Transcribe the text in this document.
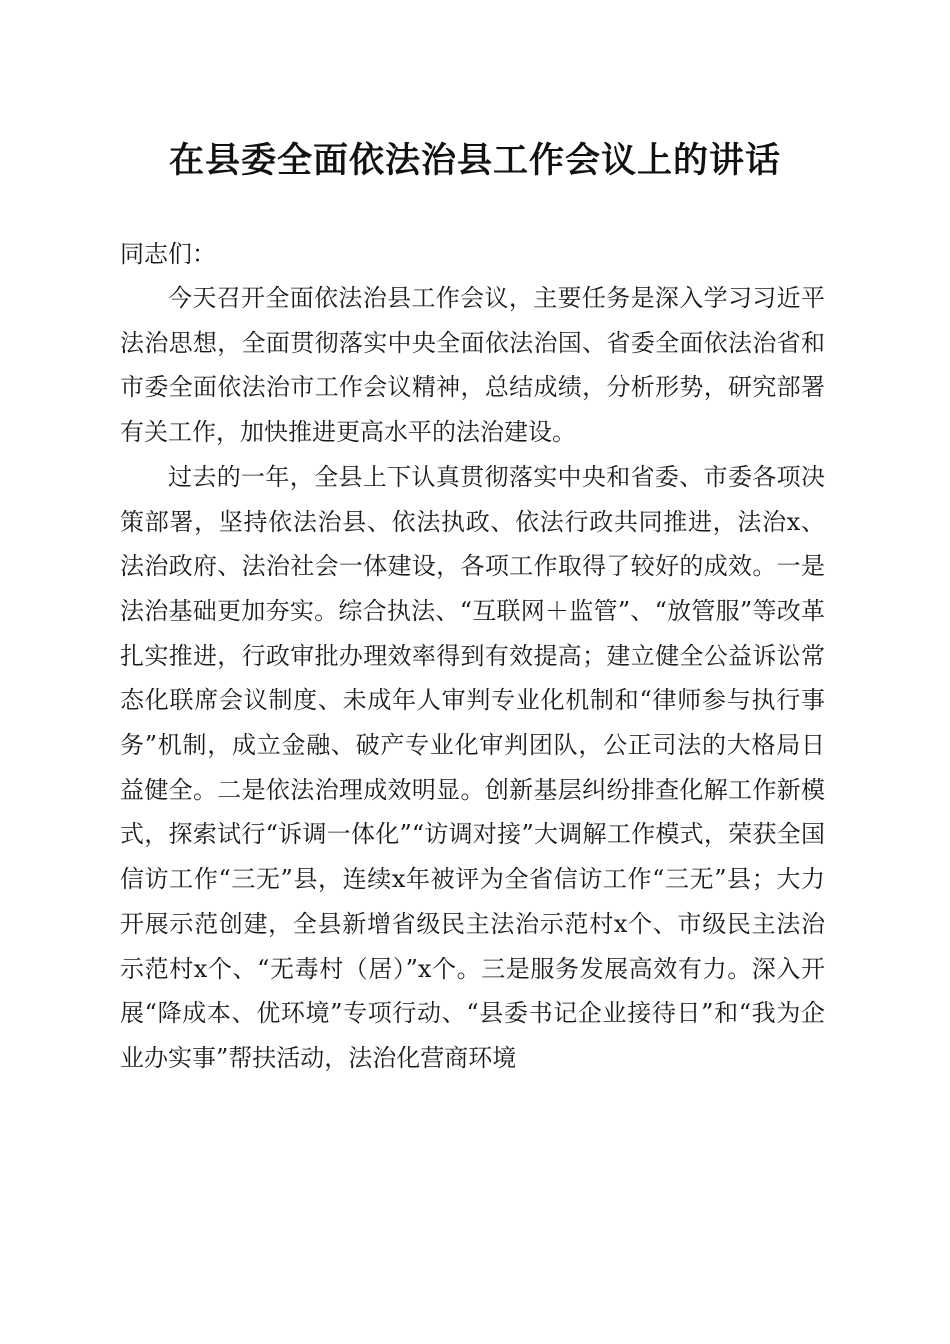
在县委全面依法治县工作会议上的讲话
同志们：

今天召开全面依法治县工作会议，主要任务是深入学习习近平法治思想，全面贯彻落实中央全面依法治国、省委全面依法治省和市委全面依法治市工作会议精神，总结成绩，分析形势，研究部署有关工作，加快推进更高水平的法治建设。

过去的一年，全县上下认真贯彻落实中央和省委、市委各项决策部署，坚持依法治县、依法执政、依法行政共同推进，法治x、法治政府、法治社会一体建设，各项工作取得了较好的成效。一是法治基础更加夯实。综合执法、“互联网＋监管”、“放管服”等改革扎实推进，行政审批办理效率得到有效提高；建立健全公益诉讼常态化联席会议制度、未成年人审判专业化机制和“律师参与执行事务”机制，成立金融、破产专业化审判团队，公正司法的大格局日益健全。二是依法治理成效明显。创新基层纠纷排查化解工作新模式，探索试行“诉调一体化”“访调对接”大调解工作模式，荣获全国信访工作“三无”县，连续x年被评为全省信访工作“三无”县；大力开展示范创建，全县新增省级民主法治示范村x个、市级民主法治示范村x个、“无毒村（居）”x个。三是服务发展高效有力。深入开展“降成本、优环境”专项行动、“县委书记企业接待日”和“我为企业办实事”帮扶活动，法治化营商环境
